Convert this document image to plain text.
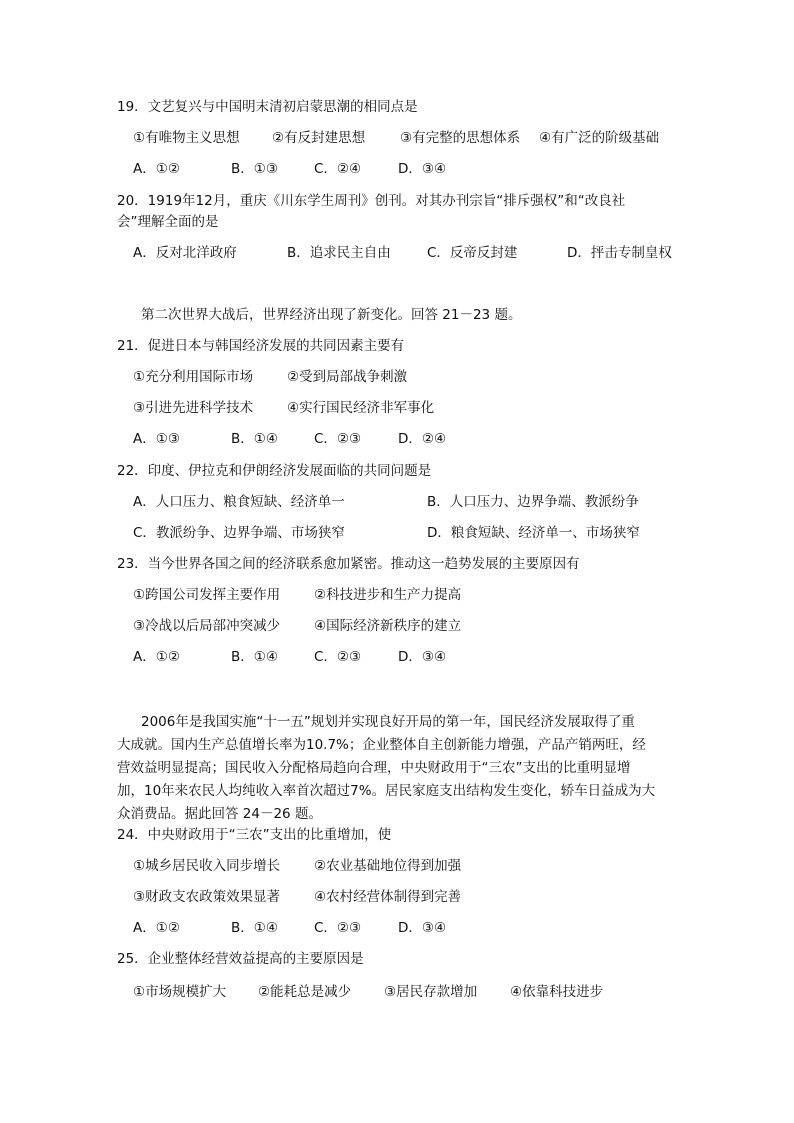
19．文艺复兴与中国明末清初启蒙思潮的相同点是
①有唯物主义思想 ②有反封建思想	③有完整的思想体系 ④有广泛的阶级基础
A．①②	B．①③	C．②④	D．③④
20．1919年12月，重庆《川东学生周刊》创刊。对其办刊宗旨“排斥强权”和“改良社
会”理解全面的是
A．反对北洋政府	B．追求民主自由	C．反帝反封建	D．抨击专制皇权
第二次世界大战后，世界经济出现了新变化。回答 21－23 题。
21．促进日本与韩国经济发展的共同因素主要有
①充分利用国际市场	②受到局部战争刺激
③引进先进科学技术	④实行国民经济非军事化
A．①③	B．①④	C．②③	D．②④
22．印度、伊拉克和伊朗经济发展面临的共同问题是
A．人口压力、粮食短缺、经济单一	B．人口压力、边界争端、教派纷争
C．教派纷争、边界争端、市场狭窄	D．粮食短缺、经济单一、市场狭窄
23．当今世界各国之间的经济联系愈加紧密。推动这一趋势发展的主要原因有
①跨国公司发挥主要作用	②科技进步和生产力提高
③冷战以后局部冲突减少	④国际经济新秩序的建立
A．①②	B．①④	C．②③	D．③④
2006年是我国实施“十一五”规划并实现良好开局的第一年，国民经济发展取得了重
大成就。国内生产总值增长率为10.7%；企业整体自主创新能力增强，产品产销两旺，经
营效益明显提高；国民收入分配格局趋向合理，中央财政用于“三农”支出的比重明显增
加，10年来农民人均纯收入率首次超过7%。居民家庭支出结构发生变化，轿车日益成为大
众消费品。据此回答 24－26 题。
24．中央财政用于“三农”支出的比重增加，使
①城乡居民收入同步增长	②农业基础地位得到加强
③财政支农政策效果显著	④农村经营体制得到完善
A．①②	B．①④	C．②③	D．③④
25．企业整体经营效益提高的主要原因是
①市场规模扩大 ②能耗总是减少 ③居民存款增加 ④依靠科技进步
